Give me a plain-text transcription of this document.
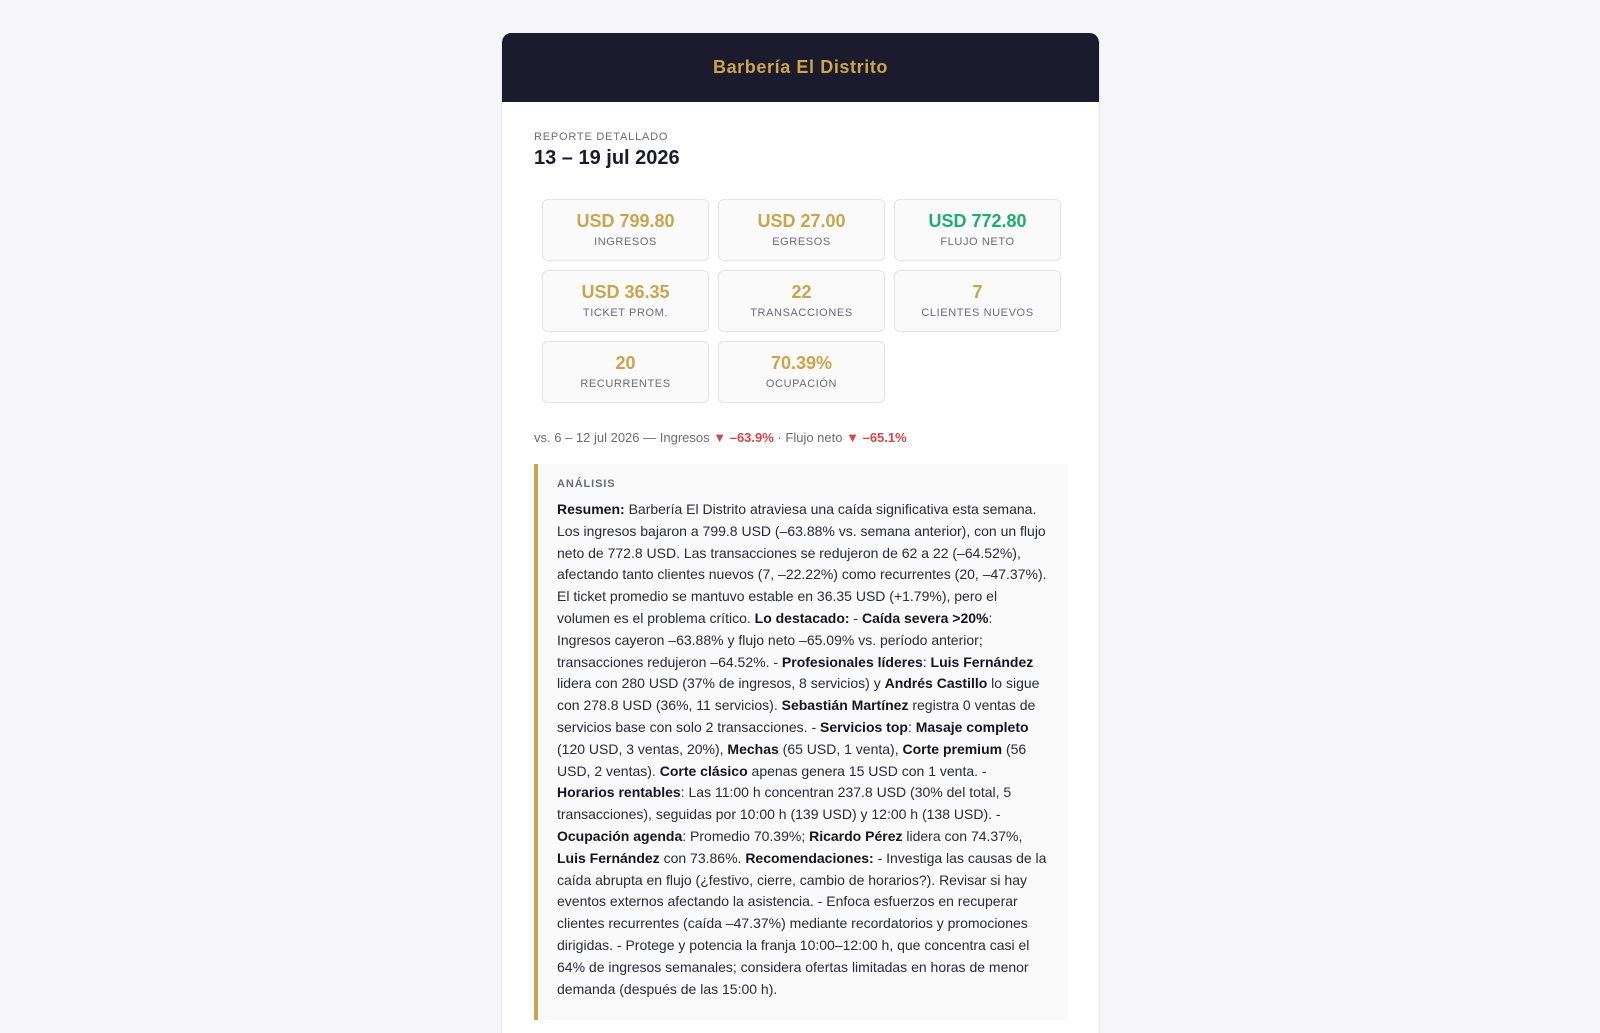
Barbería El Distrito
REPORTE DETALLADO
13 – 19 jul 2026
USD 799.80
INGRESOS
USD 27.00
EGRESOS
USD 772.80
FLUJO NETO
USD 36.35
TICKET PROM.
22
TRANSACCIONES
7
CLIENTES NUEVOS
20
RECURRENTES
70.39%
OCUPACIÓN
vs. 6 – 12 jul 2026 — Ingresos ▼ –63.9% · Flujo neto ▼ –65.1%
ANÁLISIS
Resumen: Barbería El Distrito atraviesa una caída significativa esta semana. Los ingresos bajaron a 799.8 USD (–63.88% vs. semana anterior), con un flujo neto de 772.8 USD. Las transacciones se redujeron de 62 a 22 (–64.52%), afectando tanto clientes nuevos (7, –22.22%) como recurrentes (20, –47.37%). El ticket promedio se mantuvo estable en 36.35 USD (+1.79%), pero el volumen es el problema crítico. Lo destacado: - Caída severa >20%: Ingresos cayeron –63.88% y flujo neto –65.09% vs. período anterior; transacciones redujeron –64.52%. - Profesionales líderes: Luis Fernández lidera con 280 USD (37% de ingresos, 8 servicios) y Andrés Castillo lo sigue con 278.8 USD (36%, 11 servicios). Sebastián Martínez registra 0 ventas de servicios base con solo 2 transacciones. - Servicios top: Masaje completo (120 USD, 3 ventas, 20%), Mechas (65 USD, 1 venta), Corte premium (56 USD, 2 ventas). Corte clásico apenas genera 15 USD con 1 venta. - Horarios rentables: Las 11:00 h concentran 237.8 USD (30% del total, 5 transacciones), seguidas por 10:00 h (139 USD) y 12:00 h (138 USD). - Ocupación agenda: Promedio 70.39%; Ricardo Pérez lidera con 74.37%, Luis Fernández con 73.86%. Recomendaciones: - Investiga las causas de la caída abrupta en flujo (¿festivo, cierre, cambio de horarios?). Revisar si hay eventos externos afectando la asistencia. - Enfoca esfuerzos en recuperar clientes recurrentes (caída –47.37%) mediante recordatorios y promociones dirigidas. - Protege y potencia la franja 10:00–12:00 h, que concentra casi el 64% de ingresos semanales; considera ofertas limitadas en horas de menor demanda (después de las 15:00 h).
